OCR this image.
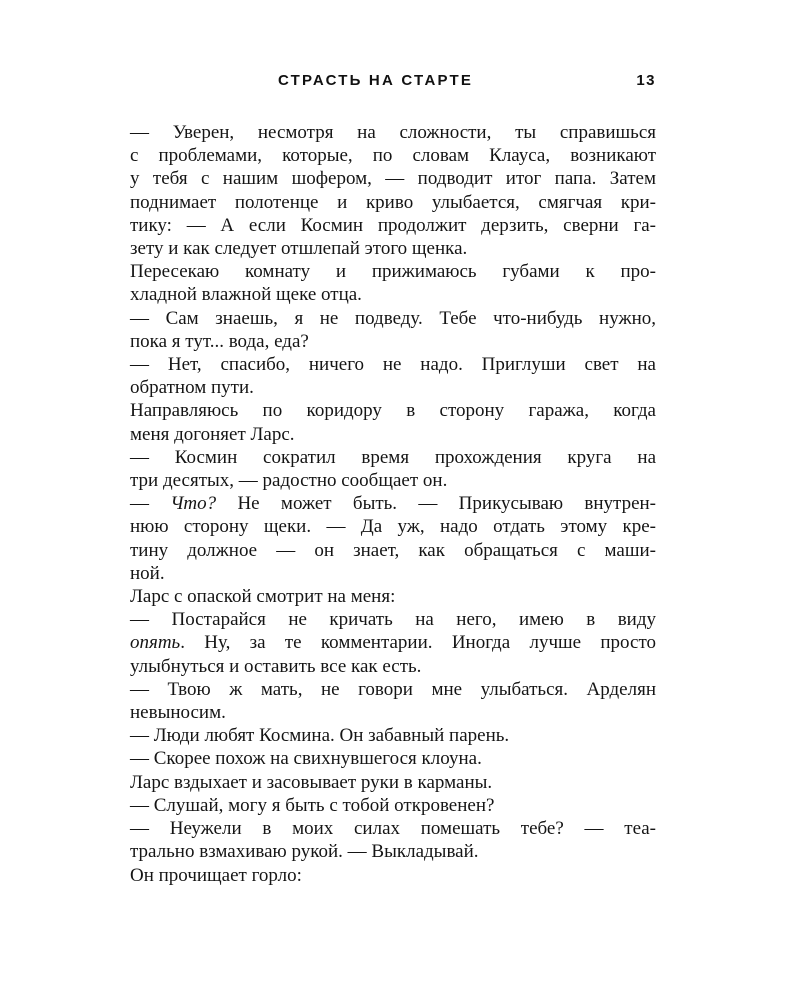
СТРАСТЬ НА СТАРТЕ	13

— Уверен, несмотря на сложности, ты справишься
с проблемами, которые, по словам Клауса, возникают
у тебя с нашим шофером, — подводит итог папа. Затем
поднимает полотенце и криво улыбается, смягчая кри-
тику: — А если Космин продолжит дерзить, сверни га-
зету и как следует отшлепай этого щенка.

Пересекаю комнату и прижимаюсь губами к про-
хладной влажной щеке отца.

— Сам знаешь, я не подведу. Тебе что-нибудь нужно,
пока я тут... вода, еда?

— Нет, спасибо, ничего не надо. Приглуши свет на
обратном пути.

Направляюсь по коридору в сторону гаража, когда
меня догоняет Ларс.

— Космин сократил время прохождения круга на
три десятых, — радостно сообщает он.

— Что? Не может быть. — Прикусываю внутрен-
нюю сторону щеки. — Да уж, надо отдать этому кре-
тину должное — он знает, как обращаться с маши-
ной.

Ларс с опаской смотрит на меня:

— Постарайся не кричать на него, имею в виду
опять. Ну, за те комментарии. Иногда лучше просто
улыбнуться и оставить все как есть.

— Твою ж мать, не говори мне улыбаться. Арделян
невыносим.

— Люди любят Космина. Он забавный парень.

— Скорее похож на свихнувшегося клоуна.

Ларс вздыхает и засовывает руки в карманы.

— Слушай, могу я быть с тобой откровенен?

— Неужели в моих силах помешать тебе? — теа-
трально взмахиваю рукой. — Выкладывай.

Он прочищает горло:
